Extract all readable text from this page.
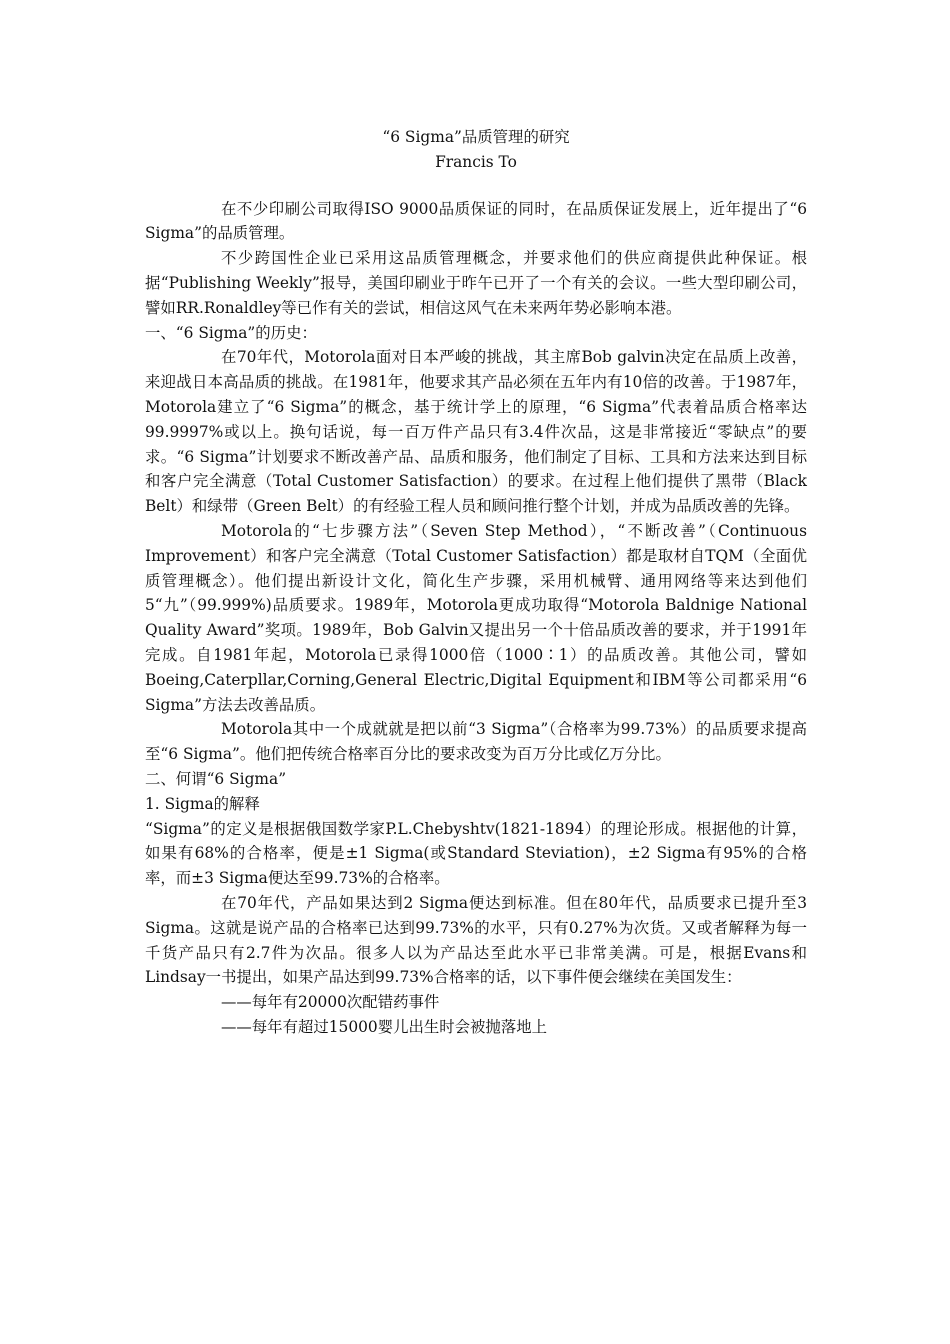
“6 Sigma”品质管理的研究
Francis To

在不少印刷公司取得ISO 9000品质保证的同时，在品质保证发展上，近年提出了“6 Sigma”的品质管理。

不少跨国性企业已采用这品质管理概念，并要求他们的供应商提供此种保证。根据“Publishing Weekly”报导，美国印刷业于昨午已开了一个有关的会议。一些大型印刷公司，譬如RR.Ronaldley等已作有关的尝试，相信这风气在未来两年势必影响本港。

一、“6 Sigma”的历史：

在70年代，Motorola面对日本严峻的挑战，其主席Bob galvin决定在品质上改善，来迎战日本高品质的挑战。在1981年，他要求其产品必须在五年内有10倍的改善。于1987年，Motorola建立了“6 Sigma”的概念，基于统计学上的原理，“6 Sigma”代表着品质合格率达99.9997%或以上。换句话说，每一百万件产品只有3.4件次品，这是非常接近“零缺点”的要求。“6 Sigma”计划要求不断改善产品、品质和服务，他们制定了目标、工具和方法来达到目标和客户完全满意（Total Customer Satisfaction）的要求。在过程上他们提供了黑带（Black Belt）和绿带（Green Belt）的有经验工程人员和顾问推行整个计划，并成为品质改善的先锋。

Motorola的“七步骤方法”（Seven Step Method），“不断改善”（Continuous Improvement）和客户完全满意（Total Customer Satisfaction）都是取材自TQM（全面优质管理概念）。他们提出新设计文化，简化生产步骤，采用机械臂、通用网络等来达到他们5“九”（99.999%)品质要求。1989年，Motorola更成功取得“Motorola Baldnige National Quality Award”奖项。1989年，Bob Galvin又提出另一个十倍品质改善的要求，并于1991年完成。自1981年起，Motorola已录得1000倍（1000∶1）的品质改善。其他公司，譬如Boeing,Caterpllar,Corning,General Electric,Digital Equipment和IBM等公司都采用“6 Sigma”方法去改善品质。

Motorola其中一个成就就是把以前“3 Sigma”（合格率为99.73%）的品质要求提高至“6 Sigma”。他们把传统合格率百分比的要求改变为百万分比或亿万分比。

二、何谓“6 Sigma”

1. Sigma的解释

“Sigma”的定义是根据俄国数学家P.L.Chebyshtv(1821-1894）的理论形成。根据他的计算，如果有68%的合格率，便是±1 Sigma(或Standard Steviation)，±2 Sigma有95%的合格率，而±3 Sigma便达至99.73%的合格率。

在70年代，产品如果达到2 Sigma便达到标准。但在80年代，品质要求已提升至3 Sigma。这就是说产品的合格率已达到99.73%的水平，只有0.27%为次货。又或者解释为每一千货产品只有2.7件为次品。很多人以为产品达至此水平已非常美满。可是，根据Evans和Lindsay一书提出，如果产品达到99.73%合格率的话，以下事件便会继续在美国发生：

——每年有20000次配错药事件

——每年有超过15000婴儿出生时会被抛落地上
